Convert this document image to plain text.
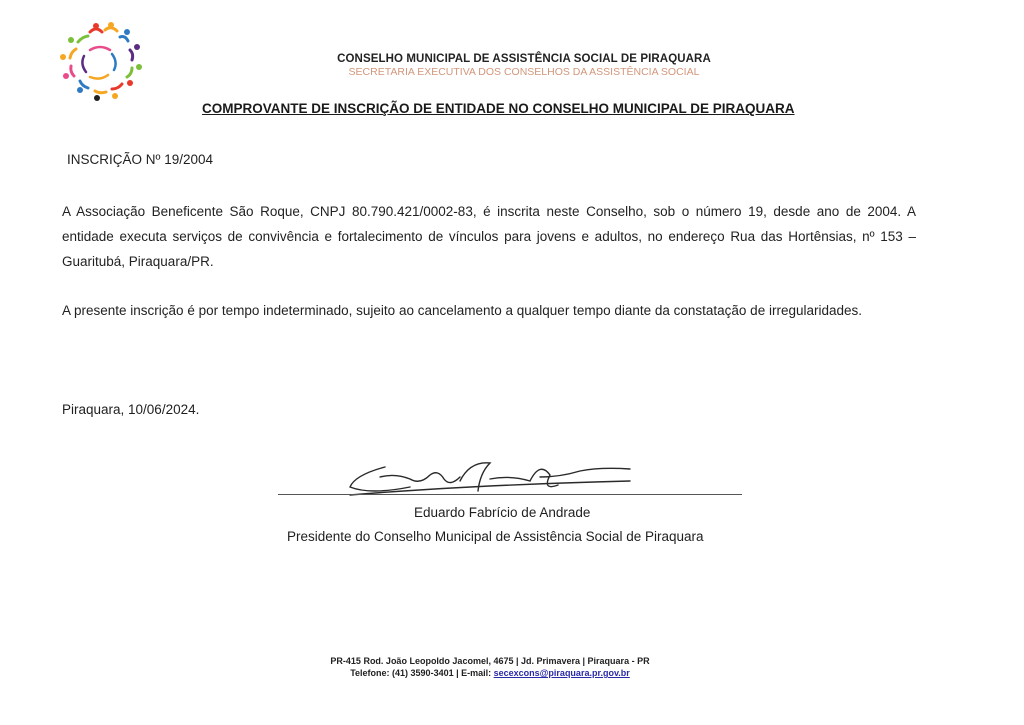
CONSELHO MUNICIPAL DE ASSISTÊNCIA SOCIAL DE PIRAQUARA
SECRETARIA EXECUTIVA DOS CONSELHOS DA ASSISTÊNCIA SOCIAL
COMPROVANTE DE INSCRIÇÃO DE ENTIDADE NO CONSELHO MUNICIPAL DE PIRAQUARA
INSCRIÇÃO Nº 19/2004
A Associação Beneficente São Roque, CNPJ 80.790.421/0002-83, é inscrita neste Conselho, sob o número 19, desde ano de 2004. A entidade executa serviços de convivência e fortalecimento de vínculos para jovens e adultos, no endereço Rua das Hortênsias, nº 153 – Guaritubá, Piraquara/PR.
A presente inscrição é por tempo indeterminado, sujeito ao cancelamento a qualquer tempo diante da constatação de irregularidades.
Piraquara, 10/06/2024.
Eduardo Fabrício de Andrade
Presidente do Conselho Municipal de Assistência Social de Piraquara
PR-415 Rod. João Leopoldo Jacomel, 4675 | Jd. Primavera | Piraquara - PR
Telefone: (41) 3590-3401 | E-mail: secexcons@piraquara.pr.gov.br
